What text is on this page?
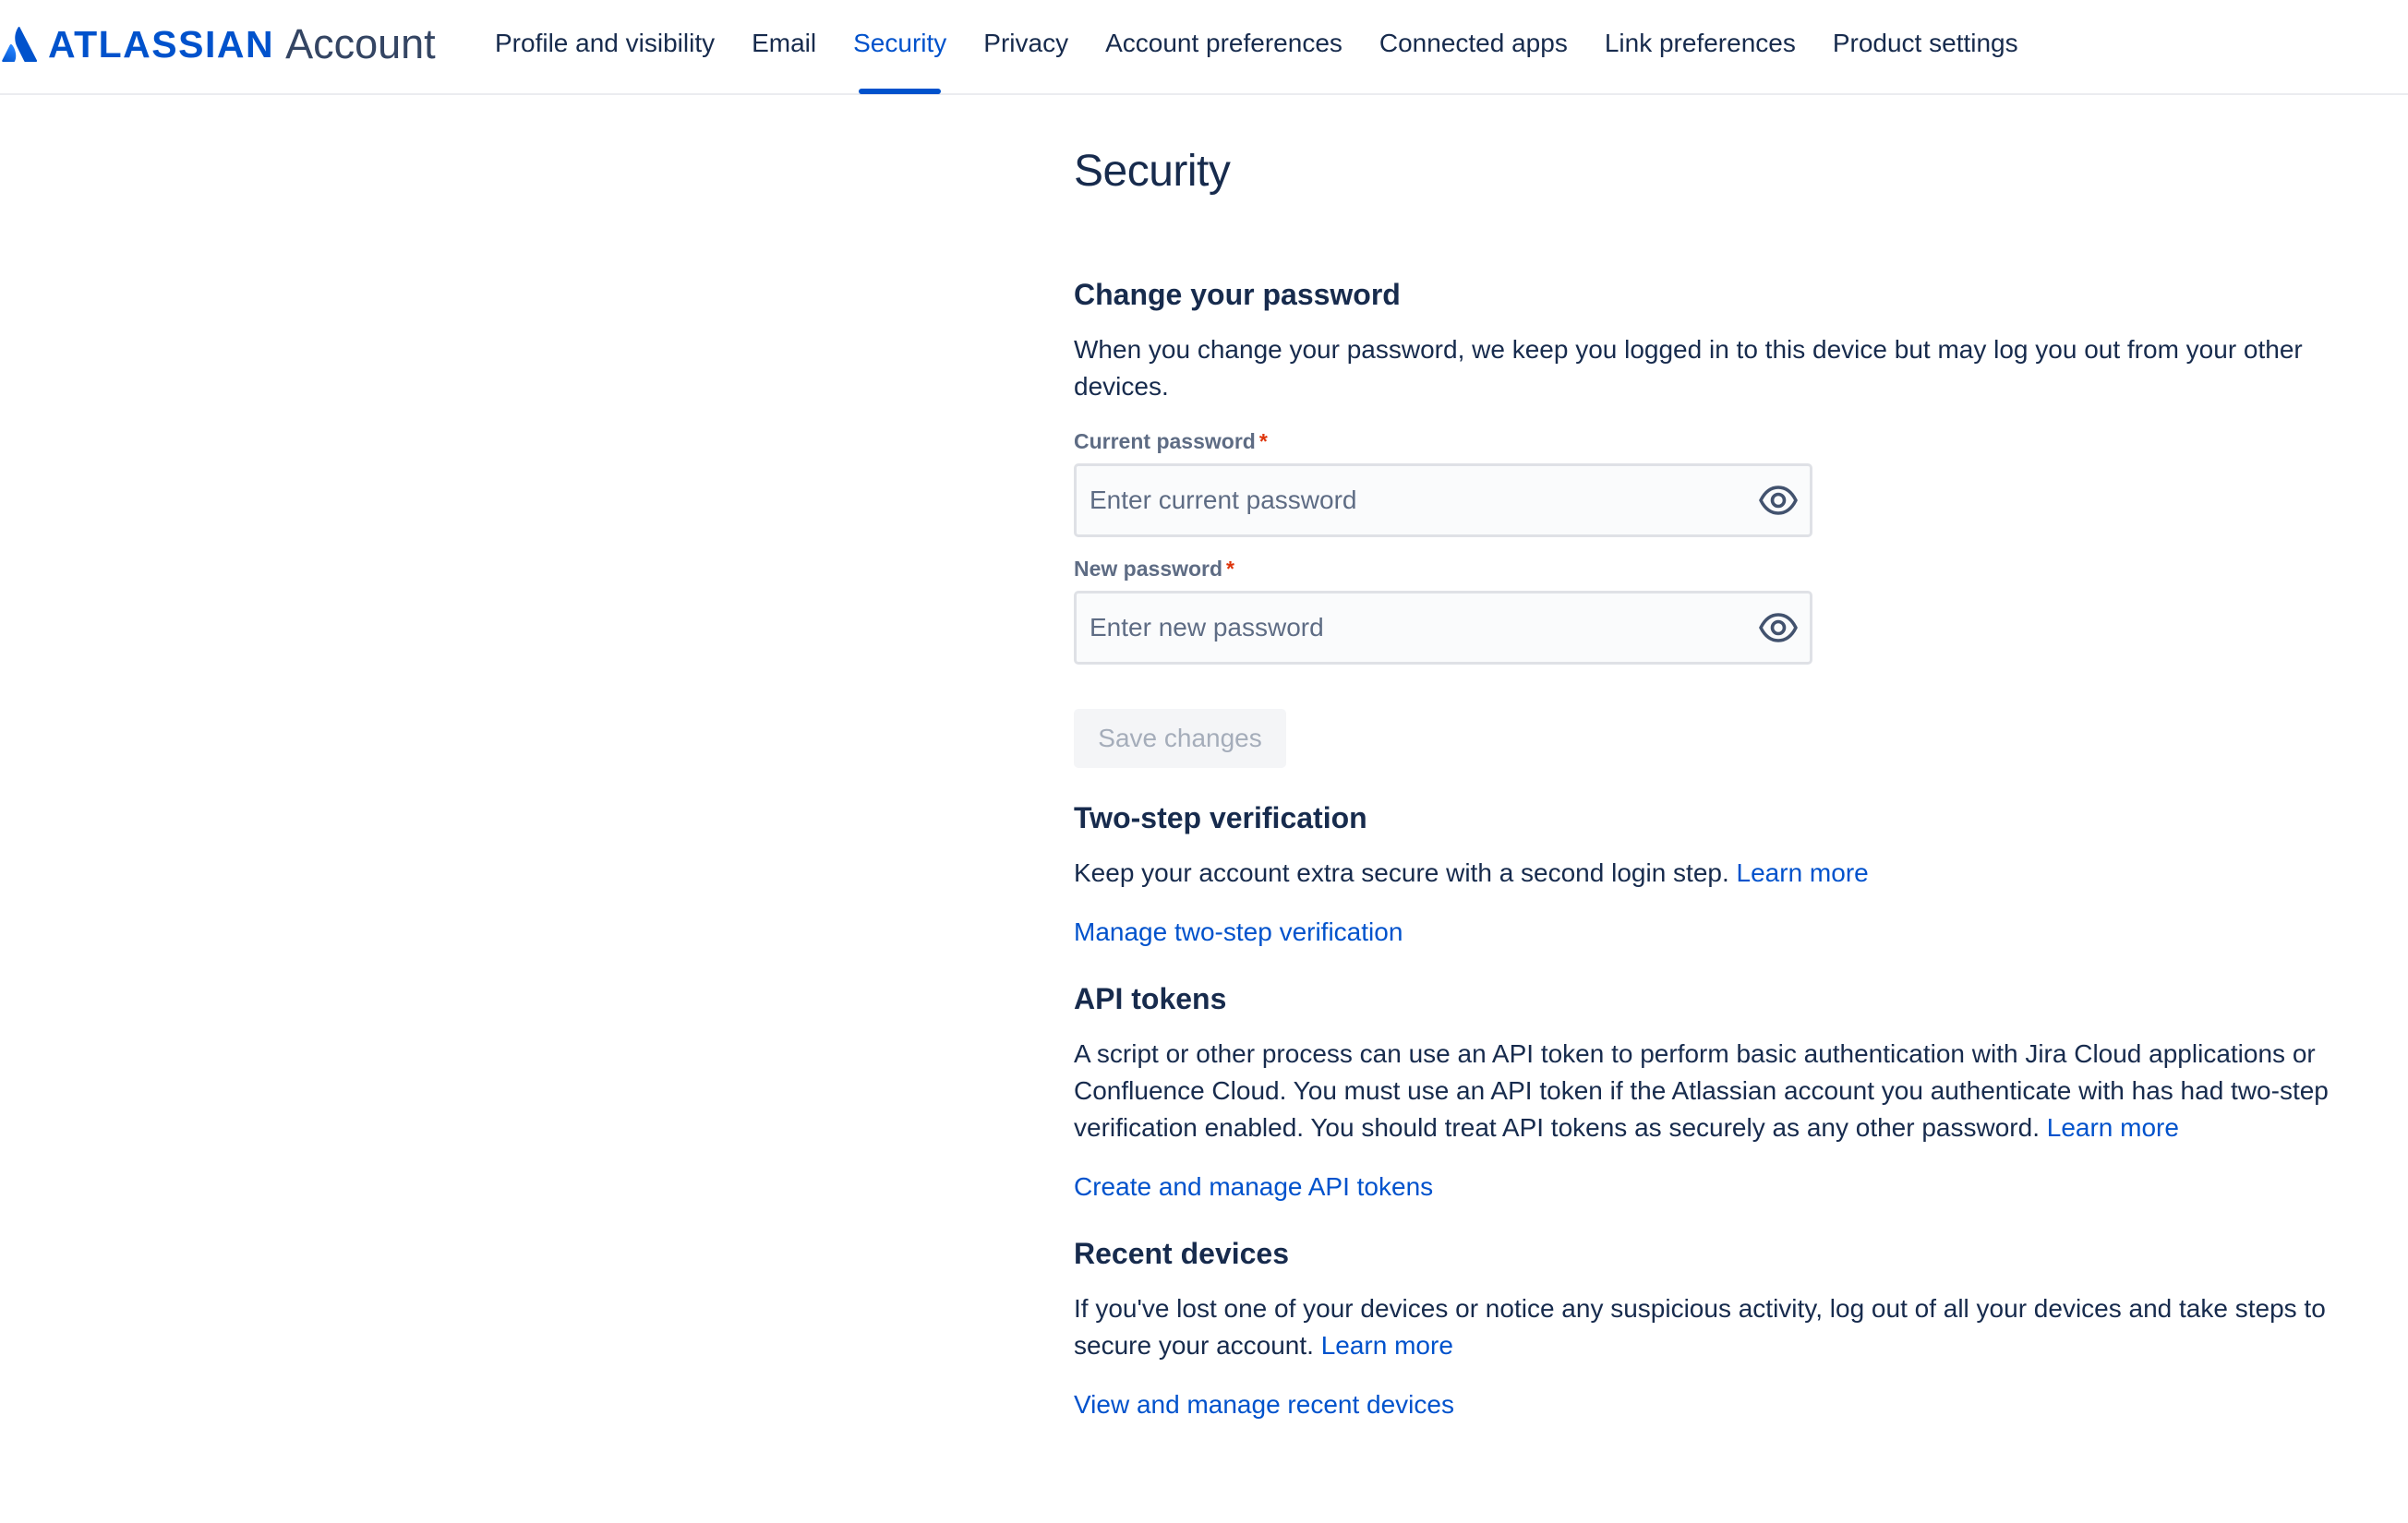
ATLASSIAN Account	Profile and visibility	Email	Security	Privacy	Account preferences	Connected apps	Link preferences	Product settings
Security
Change your password

When you change your password, we keep you logged in to this device but may log you out from your other devices.

Current password *
New password *
Save changes
Two-step verification

Keep your account extra secure with a second login step. Learn more

Manage two-step verification

API tokens

A script or other process can use an API token to perform basic authentication with Jira Cloud applications or Confluence Cloud. You must use an API token if the Atlassian account you authenticate with has had two-step verification enabled. You should treat API tokens as securely as any other password. Learn more

Create and manage API tokens

Recent devices

If you've lost one of your devices or notice any suspicious activity, log out of all your devices and take steps to secure your account. Learn more

View and manage recent devices
